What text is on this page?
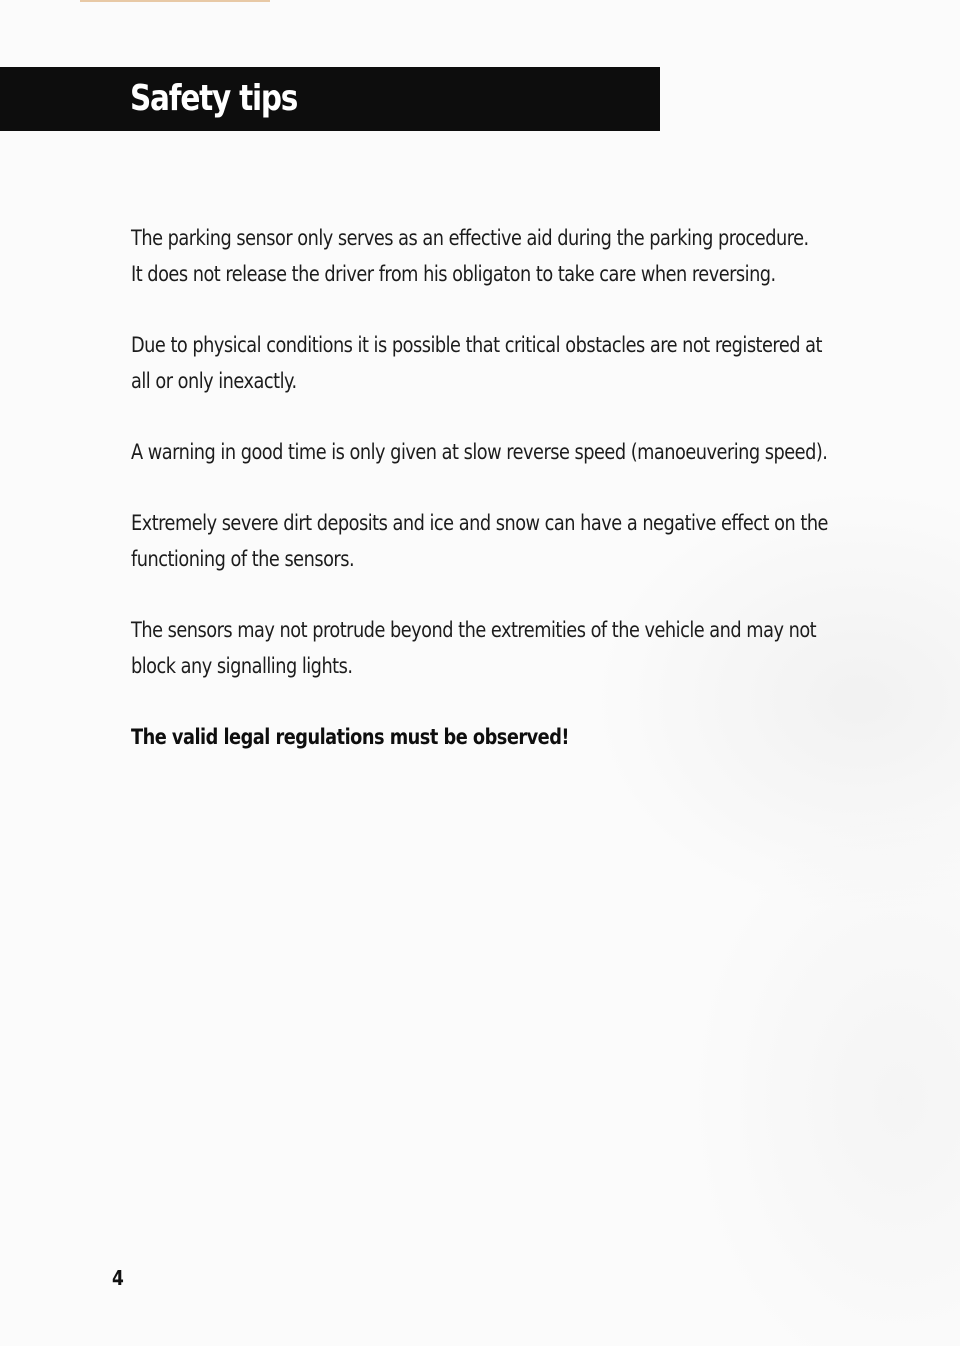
Safety tips

The parking sensor only serves as an effective aid during the parking procedure.
It does not release the driver from his obligaton to take care when reversing.

Due to physical conditions it is possible that critical obstacles are not registered at
all or only inexactly.

A warning in good time is only given at slow reverse speed (manoeuvering speed).

Extremely severe dirt deposits and ice and snow can have a negative effect on the
functioning of the sensors.

The sensors may not protrude beyond the extremities of the vehicle and may not
block any signalling lights.

The valid legal regulations must be observed!

4
